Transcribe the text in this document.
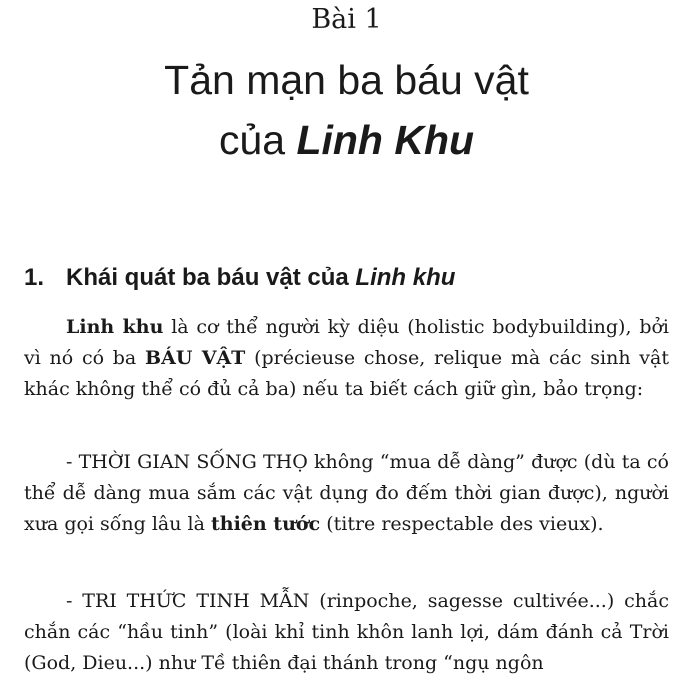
Bài 1
Tản mạn ba báu vật
của Linh Khu
1. Khái quát ba báu vật của Linh khu

Linh khu là cơ thể người kỳ diệu (holistic bodybuilding), bởi vì nó có ba BÁU VẬT (précieuse chose, relique mà các sinh vật khác không thể có đủ cả ba) nếu ta biết cách giữ gìn, bảo trọng:

- THỜI GIAN SỐNG THỌ không “mua dễ dàng” được (dù ta có thể dễ dàng mua sắm các vật dụng đo đếm thời gian được), người xưa gọi sống lâu là thiên tước (titre respectable des vieux).

- TRI THỨC TINH MẪN (rinpoche, sagesse cultivée...) chắc chắn các “hầu tinh” (loài khỉ tinh khôn lanh lợi, dám đánh cả Trời (God, Dieu...) như Tề thiên đại thánh trong “ngụ ngôn
